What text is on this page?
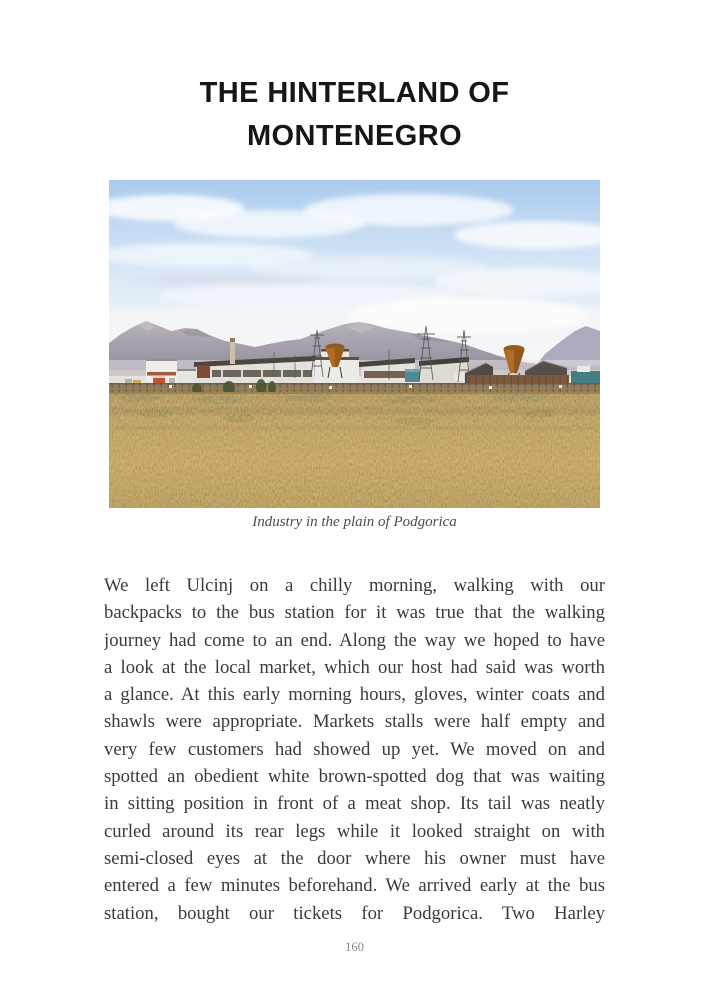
THE HINTERLAND OF
MONTENEGRO
Industry in the plain of Podgorica
We left Ulcinj on a chilly morning, walking with our
backpacks to the bus station for it was true that the walking
journey had come to an end. Along the way we hoped to have
a look at the local market, which our host had said was worth
a glance. At this early morning hours, gloves, winter coats and
shawls were appropriate. Markets stalls were half empty and
very few customers had showed up yet. We moved on and
spotted an obedient white brown-spotted dog that was waiting
in sitting position in front of a meat shop. Its tail was neatly
curled around its rear legs while it looked straight on with
semi-closed eyes at the door where his owner must have
entered a few minutes beforehand. We arrived early at the bus
station, bought our tickets for Podgorica. Two Harley
160
